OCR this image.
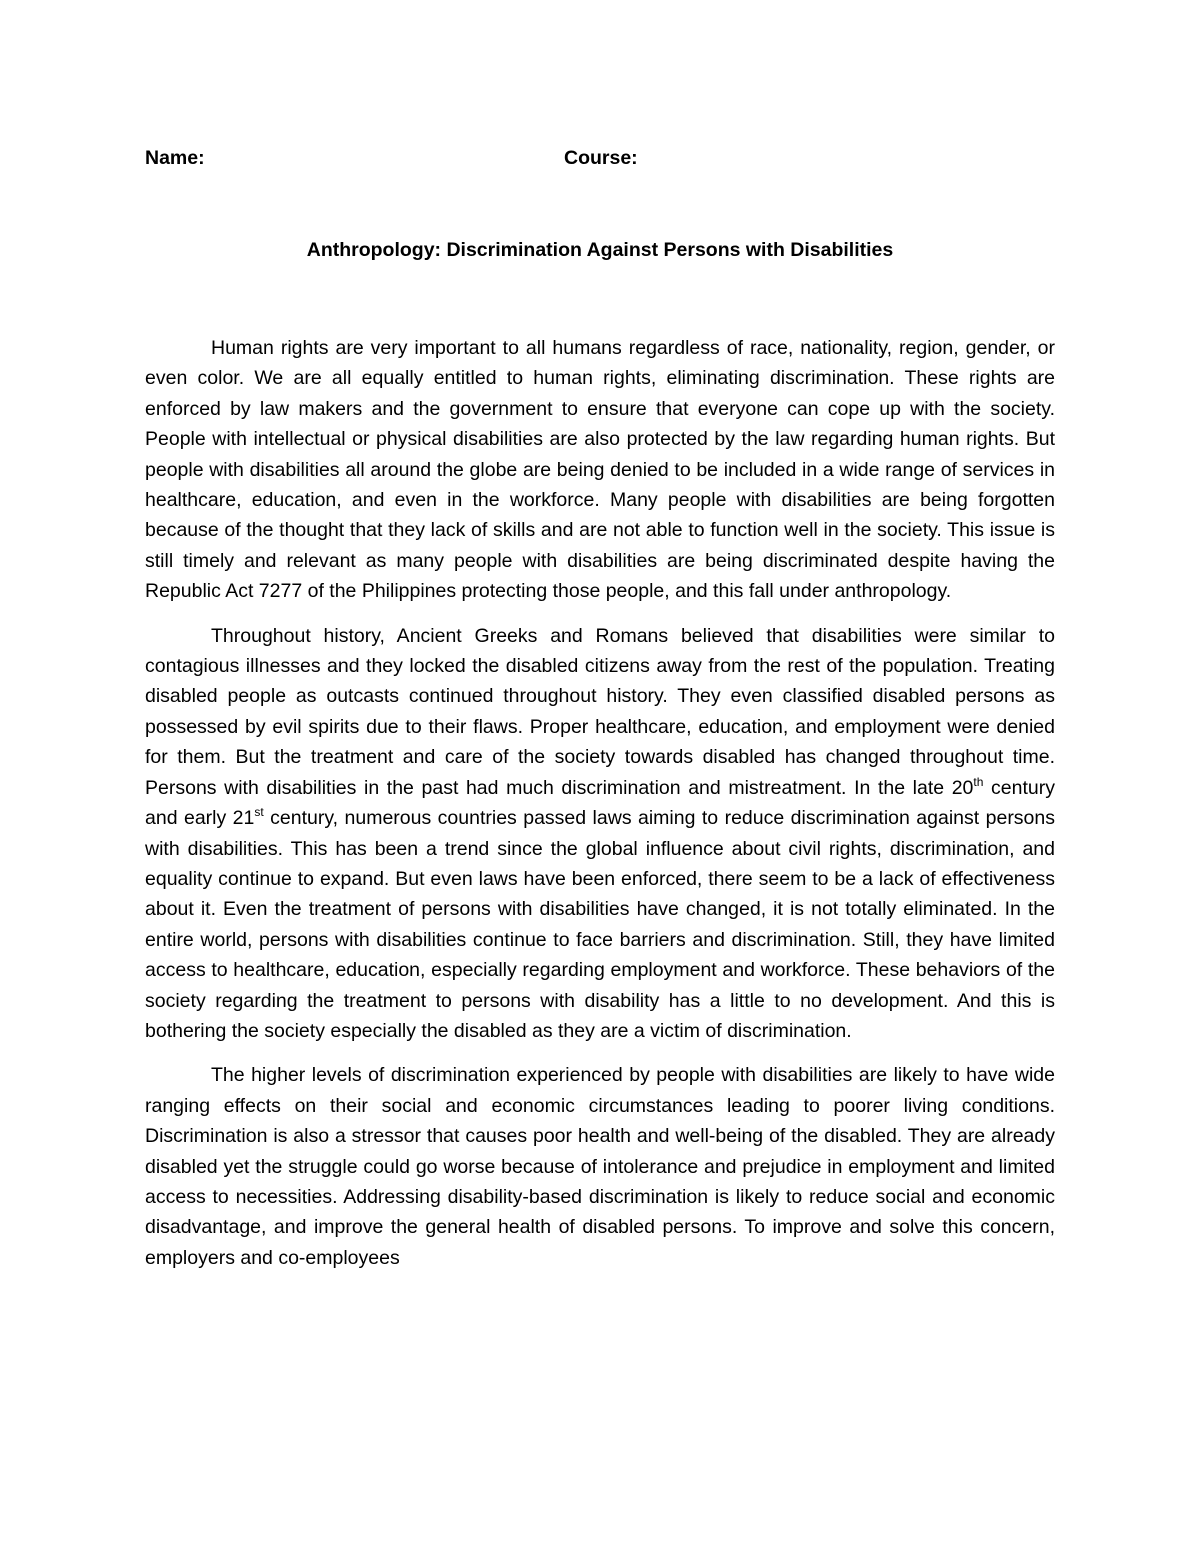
Name:	Course:
Anthropology: Discrimination Against Persons with Disabilities

Human rights are very important to all humans regardless of race, nationality, region, gender, or even color. We are all equally entitled to human rights, eliminating discrimination. These rights are enforced by law makers and the government to ensure that everyone can cope up with the society. People with intellectual or physical disabilities are also protected by the law regarding human rights. But people with disabilities all around the globe are being denied to be included in a wide range of services in healthcare, education, and even in the workforce. Many people with disabilities are being forgotten because of the thought that they lack of skills and are not able to function well in the society. This issue is still timely and relevant as many people with disabilities are being discriminated despite having the Republic Act 7277 of the Philippines protecting those people, and this fall under anthropology.

Throughout history, Ancient Greeks and Romans believed that disabilities were similar to contagious illnesses and they locked the disabled citizens away from the rest of the population. Treating disabled people as outcasts continued throughout history. They even classified disabled persons as possessed by evil spirits due to their flaws. Proper healthcare, education, and employment were denied for them. But the treatment and care of the society towards disabled has changed throughout time. Persons with disabilities in the past had much discrimination and mistreatment. In the late 20th century and early 21st century, numerous countries passed laws aiming to reduce discrimination against persons with disabilities. This has been a trend since the global influence about civil rights, discrimination, and equality continue to expand. But even laws have been enforced, there seem to be a lack of effectiveness about it. Even the treatment of persons with disabilities have changed, it is not totally eliminated. In the entire world, persons with disabilities continue to face barriers and discrimination. Still, they have limited access to healthcare, education, especially regarding employment and workforce. These behaviors of the society regarding the treatment to persons with disability has a little to no development. And this is bothering the society especially the disabled as they are a victim of discrimination.

The higher levels of discrimination experienced by people with disabilities are likely to have wide ranging effects on their social and economic circumstances leading to poorer living conditions. Discrimination is also a stressor that causes poor health and well-being of the disabled. They are already disabled yet the struggle could go worse because of intolerance and prejudice in employment and limited access to necessities. Addressing disability-based discrimination is likely to reduce social and economic disadvantage, and improve the general health of disabled persons. To improve and solve this concern, employers and co-employees
